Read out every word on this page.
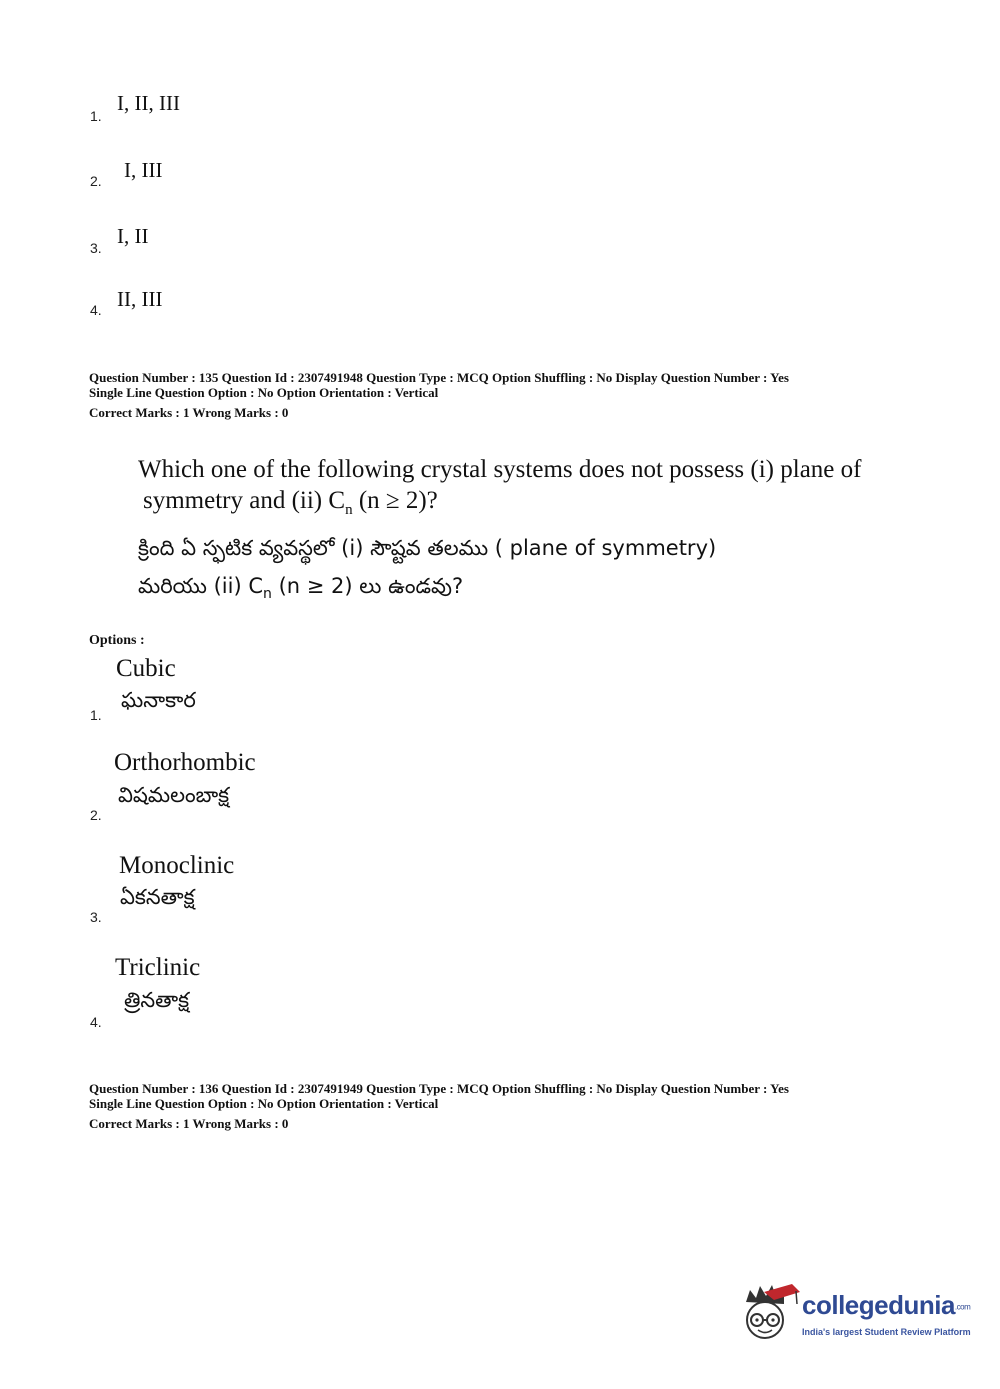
1.
I, II, III
2. I, III
3. I, II
4. II, III
Question Number : 135 Question Id : 2307491948 Question Type : MCQ Option Shuffling : No Display Question Number : Yes
Single Line Question Option : No Option Orientation : Vertical
Correct Marks : 1 Wrong Marks : 0
Which one of the following crystal systems does not possess (i) plane of
symmetry and (ii) $C_n$ (n ≥ 2)?
క్రింది ఏ స్ఫటిక వ్యవస్థలో (i) సౌష్టవ తలము ( plane of symmetry)
మరియు (ii) $C_n$ (n ≥ 2) లు ఉండవు?
Options :
Cubic
ఘనాకార
1.
Orthorhombic
విషమలంబాక్ష
2.
Monoclinic
ఏకనతాక్ష
3.
Triclinic
త్రినతాక్ష
4.
Question Number : 136 Question Id : 2307491949 Question Type : MCQ Option Shuffling : No Display Question Number : Yes
Single Line Question Option : No Option Orientation : Vertical
Correct Marks : 1 Wrong Marks : 0
collegedunia.com
India's largest Student Review Platform
